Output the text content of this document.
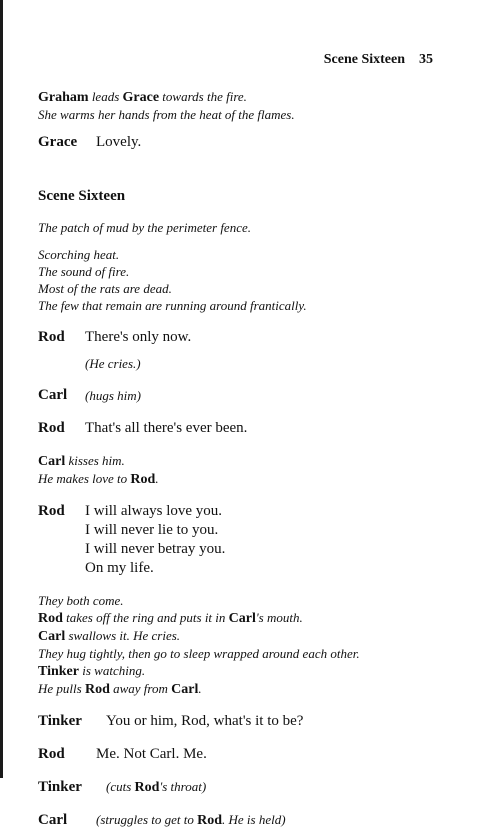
Scene Sixteen 35
Graham leads Grace towards the fire.
She warms her hands from the heat of the flames.
Grace Lovely.
Scene Sixteen
The patch of mud by the perimeter fence.
Scorching heat.
The sound of fire.
Most of the rats are dead.
The few that remain are running around frantically.
Rod	There's only now.
(He cries.)
Carl	(hugs him)
Rod	That's all there's ever been.
Carl kisses him.
He makes love to Rod.
Rod	I will always love you.
I will never lie to you.
I will never betray you.
On my life.
They both come.
Rod takes off the ring and puts it in Carl's mouth.
Carl swallows it. He cries.
They hug tightly, then go to sleep wrapped around each other.
Tinker is watching.
He pulls Rod away from Carl.
Tinker You or him, Rod, what's it to be?
Rod Me. Not Carl. Me.
Tinker (cuts Rod's throat)
Carl (struggles to get to Rod. He is held)
